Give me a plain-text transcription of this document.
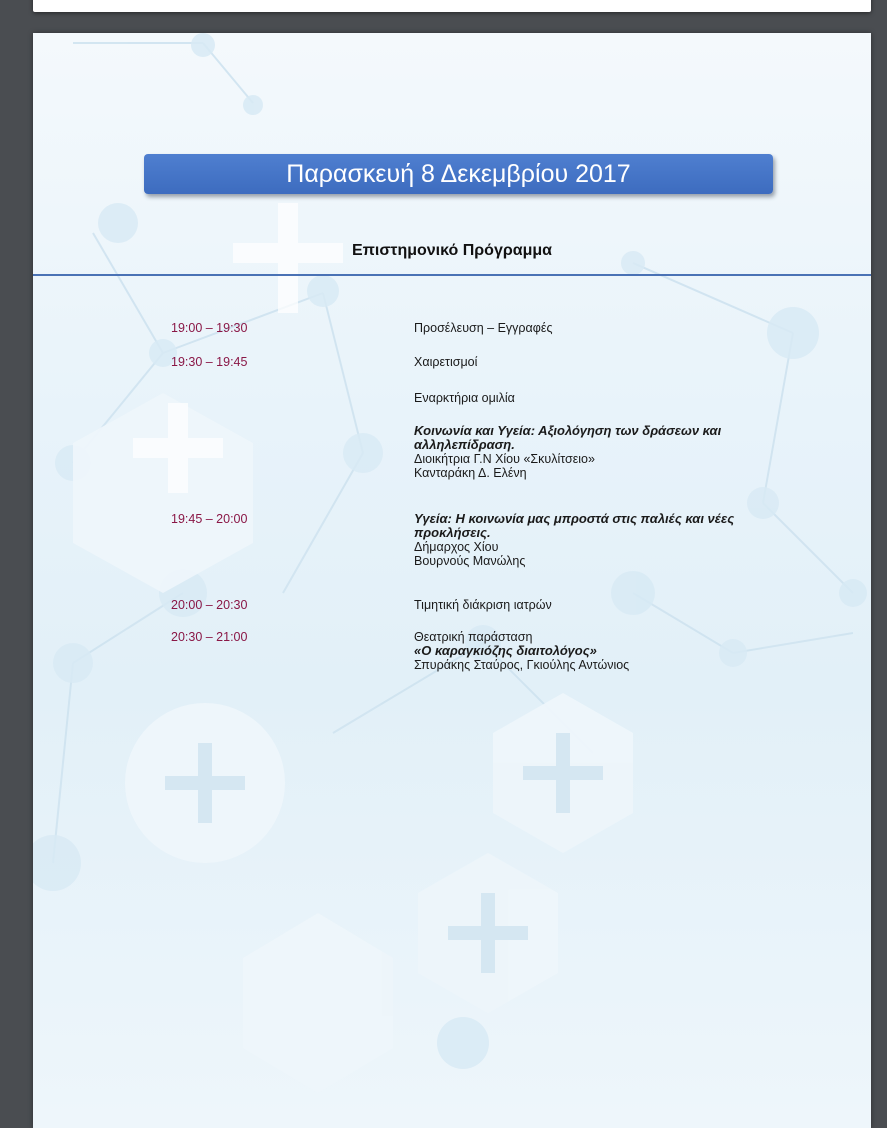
Παρασκευή 8 Δεκεμβρίου 2017
Επιστημονικό Πρόγραμμα
19:00 – 19:30	Προσέλευση – Εγγραφές
19:30 – 19:45	Χαιρετισμοί
Εναρκτήρια ομιλία
Κοινωνία και Υγεία: Αξιολόγηση των δράσεων και αλληλεπίδραση.
Διοικήτρια Γ.Ν Χίου «Σκυλίτσειο»
Κανταράκη Δ. Ελένη
19:45 – 20:00	Υγεία: Η κοινωνία μας μπροστά στις παλιές και νέες προκλήσεις.
Δήμαρχος Χίου
Βουρνούς Μανώλης
20:00 – 20:30	Τιμητική διάκριση ιατρών
20:30 – 21:00	Θεατρική παράσταση
«Ο καραγκιόζης διαιτολόγος»
Σπυράκης Σταύρος, Γκιούλης Αντώνιος
